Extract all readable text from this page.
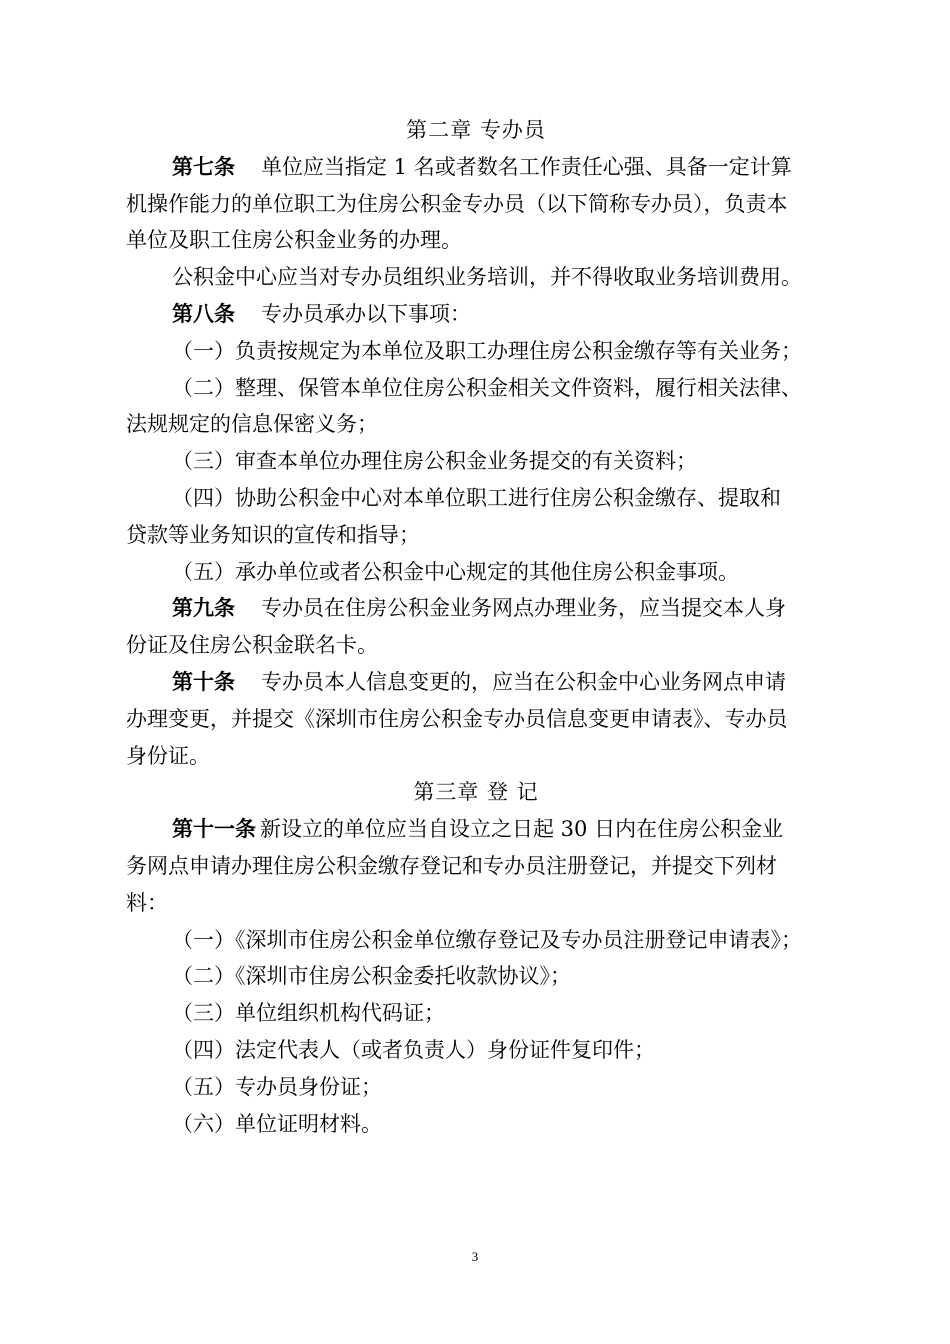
第二章 专办员
第七条 单位应当指定 1 名或者数名工作责任心强、具备一定计算
机操作能力的单位职工为住房公积金专办员（以下简称专办员），负责本
单位及职工住房公积金业务的办理。
公积金中心应当对专办员组织业务培训，并不得收取业务培训费用。
第八条 专办员承办以下事项：
（一）负责按规定为本单位及职工办理住房公积金缴存等有关业务；
（二）整理、保管本单位住房公积金相关文件资料，履行相关法律、
法规规定的信息保密义务；
（三）审查本单位办理住房公积金业务提交的有关资料；
（四）协助公积金中心对本单位职工进行住房公积金缴存、提取和
贷款等业务知识的宣传和指导；
（五）承办单位或者公积金中心规定的其他住房公积金事项。
第九条 专办员在住房公积金业务网点办理业务，应当提交本人身
份证及住房公积金联名卡。
第十条 专办员本人信息变更的，应当在公积金中心业务网点申请
办理变更，并提交《深圳市住房公积金专办员信息变更申请表》、专办员
身份证。
第三章 登 记
第十一条 新设立的单位应当自设立之日起 30 日内在住房公积金业
务网点申请办理住房公积金缴存登记和专办员注册登记，并提交下列材
料：
（一）《深圳市住房公积金单位缴存登记及专办员注册登记申请表》；
（二）《深圳市住房公积金委托收款协议》；
（三）单位组织机构代码证；
（四）法定代表人（或者负责人）身份证件复印件；
（五）专办员身份证；
（六）单位证明材料。
3
